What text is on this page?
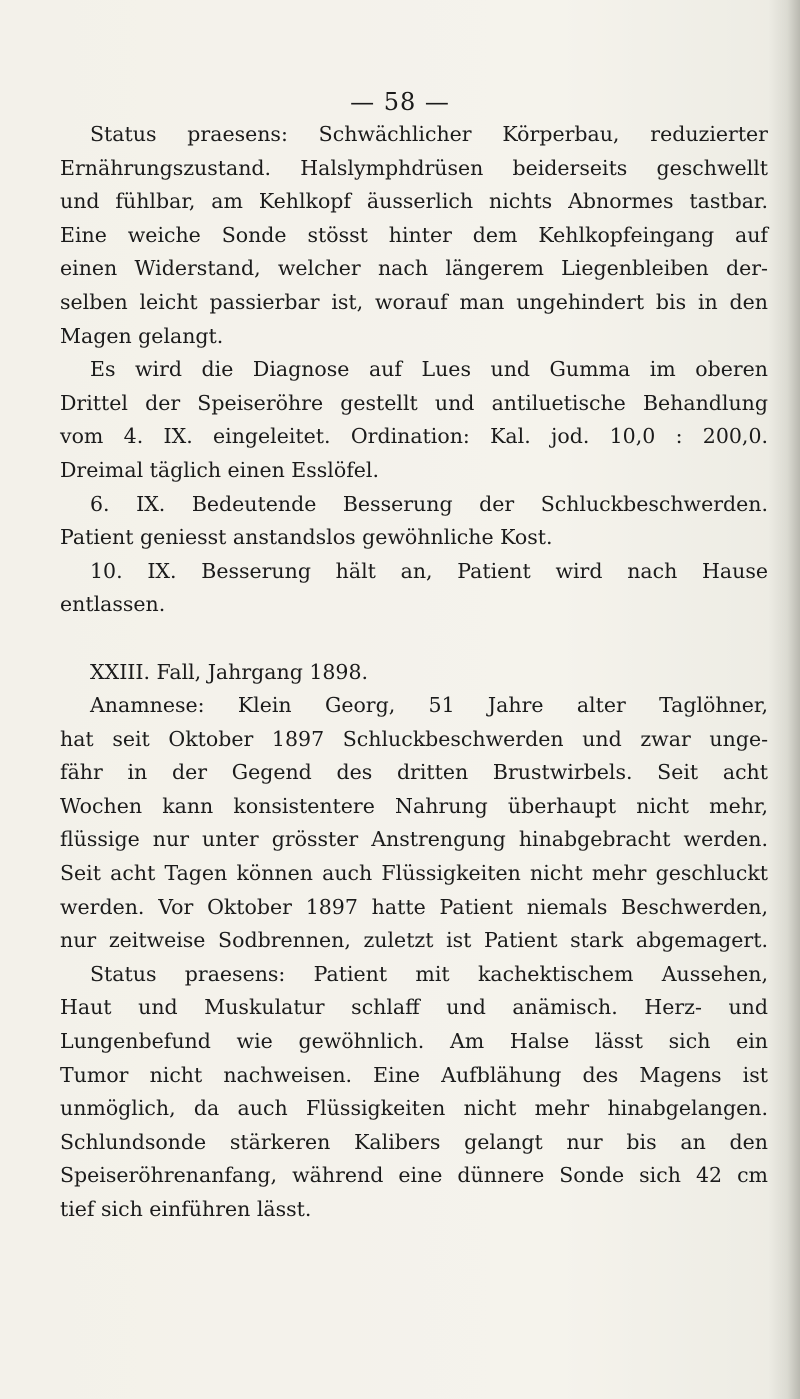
— 58 —
Status praesens: Schwächlicher Körperbau, reduzierter
Ernährungszustand. Halslymphdrüsen beiderseits geschwellt
und fühlbar, am Kehlkopf äusserlich nichts Abnormes tastbar.
Eine weiche Sonde stösst hinter dem Kehlkopfeingang auf
einen Widerstand, welcher nach längerem Liegenbleiben der-
selben leicht passierbar ist, worauf man ungehindert bis in den
Magen gelangt.
Es wird die Diagnose auf Lues und Gumma im oberen
Drittel der Speiseröhre gestellt und antiluetische Behandlung
vom 4. IX. eingeleitet. Ordination: Kal. jod. 10,0 : 200,0.
Dreimal täglich einen Esslöfel.
6. IX. Bedeutende Besserung der Schluckbeschwerden.
Patient geniesst anstandslos gewöhnliche Kost.
10. IX. Besserung hält an, Patient wird nach Hause
entlassen.
XXIII. Fall, Jahrgang 1898.
Anamnese: Klein Georg, 51 Jahre alter Taglöhner,
hat seit Oktober 1897 Schluckbeschwerden und zwar unge-
fähr in der Gegend des dritten Brustwirbels. Seit acht
Wochen kann konsistentere Nahrung überhaupt nicht mehr,
flüssige nur unter grösster Anstrengung hinabgebracht werden.
Seit acht Tagen können auch Flüssigkeiten nicht mehr geschluckt
werden. Vor Oktober 1897 hatte Patient niemals Beschwerden,
nur zeitweise Sodbrennen, zuletzt ist Patient stark abgemagert.
Status praesens: Patient mit kachektischem Aussehen,
Haut und Muskulatur schlaff und anämisch. Herz- und
Lungenbefund wie gewöhnlich. Am Halse lässt sich ein
Tumor nicht nachweisen. Eine Aufblähung des Magens ist
unmöglich, da auch Flüssigkeiten nicht mehr hinabgelangen.
Schlundsonde stärkeren Kalibers gelangt nur bis an den
Speiseröhrenanfang, während eine dünnere Sonde sich 42 cm
tief sich einführen lässt.
